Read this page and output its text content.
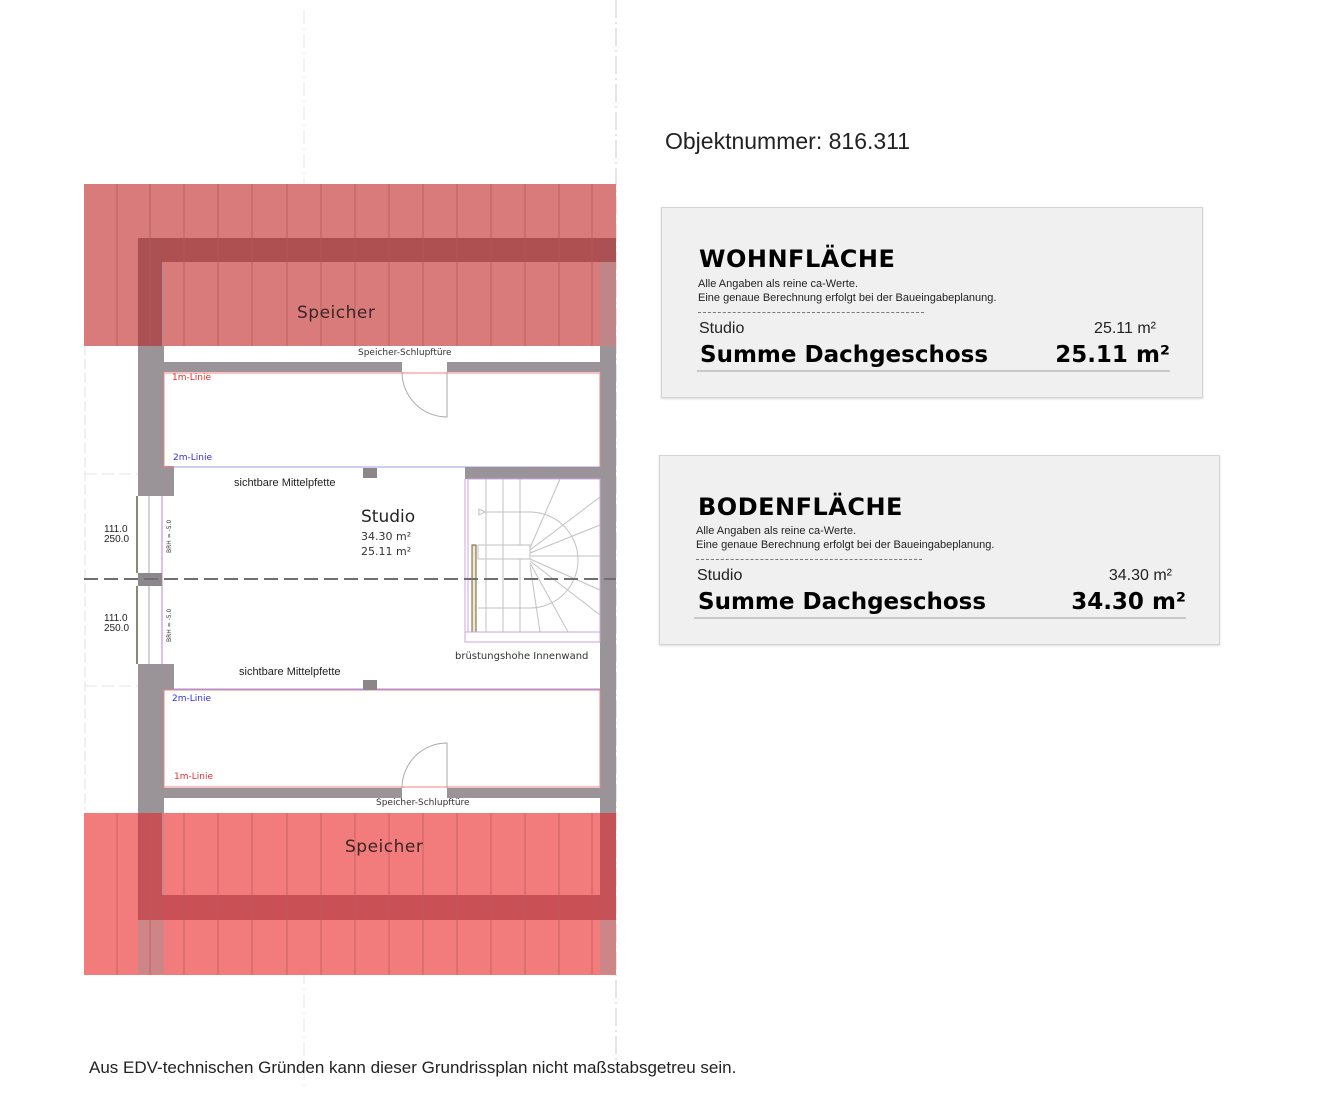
Speicher
Speicher-Schlupftüre
1m-Linie
2m-Linie
sichtbare Mittelpfette
Studio
34.30 m²
25.11 m²
111.0
250.0	BRH = -5.0
111.0
250.0	BRH = -5.0
brüstungshohe Innenwand
sichtbare Mittelpfette
2m-Linie
1m-Linie
Speicher-Schlupftüre
Speicher
Objektnummer: 816.311
WOHNFLÄCHE
Alle Angaben als reine ca-Werte.
Eine genaue Berechnung erfolgt bei der Baueingabeplanung.
Studio	25.11 m²
Summe Dachgeschoss	25.11 m²
BODENFLÄCHE
Alle Angaben als reine ca-Werte.
Eine genaue Berechnung erfolgt bei der Baueingabeplanung.
Studio	34.30 m²
Summe Dachgeschoss	34.30 m²
Aus EDV-technischen Gründen kann dieser Grundrissplan nicht maßstabsgetreu sein.
